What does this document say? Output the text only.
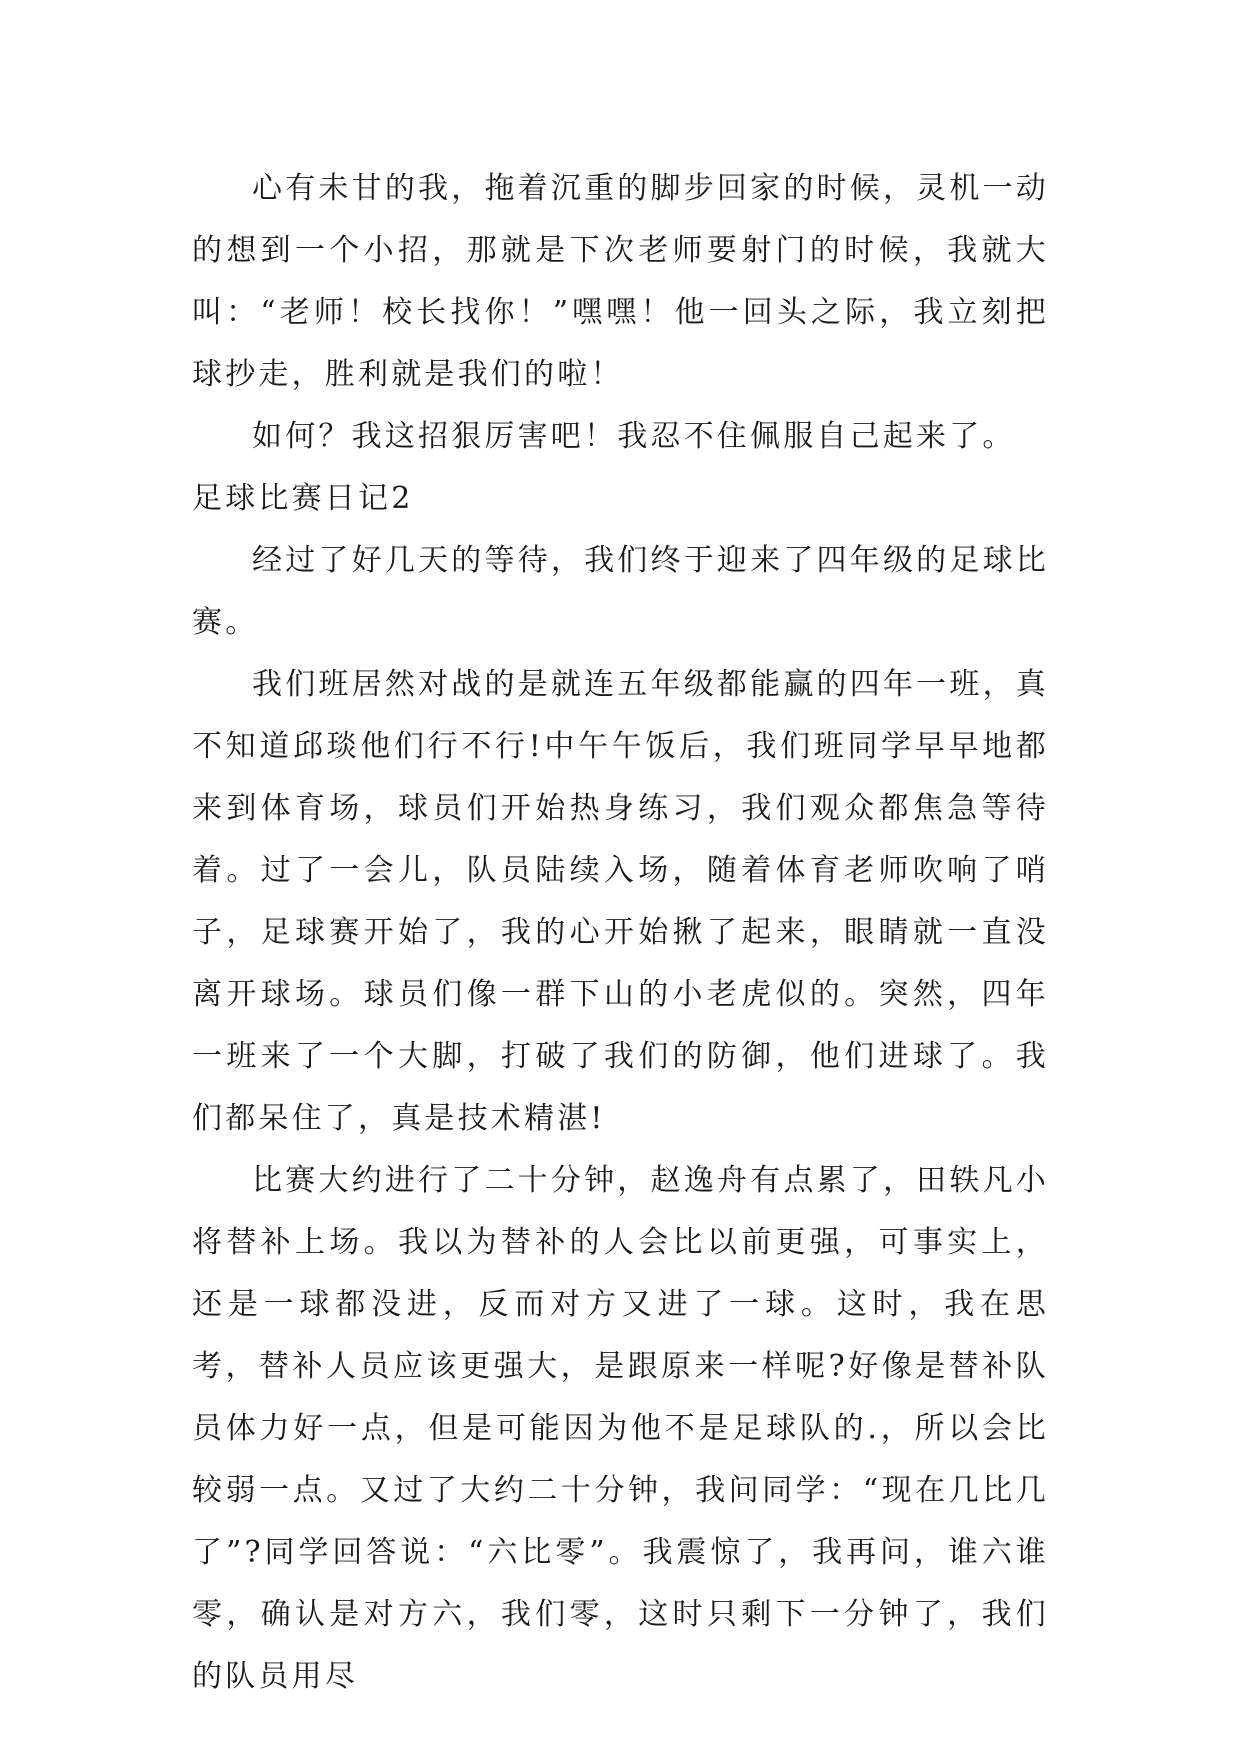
心有未甘的我，拖着沉重的脚步回家的时候，灵机一动的想到一个小招，那就是下次老师要射门的时候，我就大叫：“老师！校长找你！”嘿嘿！他一回头之际，我立刻把球抄走，胜利就是我们的啦！

如何？我这招狠厉害吧！我忍不住佩服自己起来了。

足球比赛日记2

经过了好几天的等待，我们终于迎来了四年级的足球比赛。

我们班居然对战的是就连五年级都能赢的四年一班，真不知道邱琰他们行不行!中午午饭后，我们班同学早早地都来到体育场，球员们开始热身练习，我们观众都焦急等待着。过了一会儿，队员陆续入场，随着体育老师吹响了哨子，足球赛开始了，我的心开始揪了起来，眼睛就一直没离开球场。球员们像一群下山的小老虎似的。突然，四年一班来了一个大脚，打破了我们的防御，他们进球了。我们都呆住了，真是技术精湛!

比赛大约进行了二十分钟，赵逸舟有点累了，田轶凡小将替补上场。我以为替补的人会比以前更强，可事实上，还是一球都没进，反而对方又进了一球。这时，我在思考，替补人员应该更强大，是跟原来一样呢?好像是替补队员体力好一点，但是可能因为他不是足球队的.，所以会比较弱一点。又过了大约二十分钟，我问同学：“现在几比几了”?同学回答说：“六比零”。我震惊了，我再问，谁六谁零，确认是对方六，我们零，这时只剩下一分钟了，我们的队员用尽
